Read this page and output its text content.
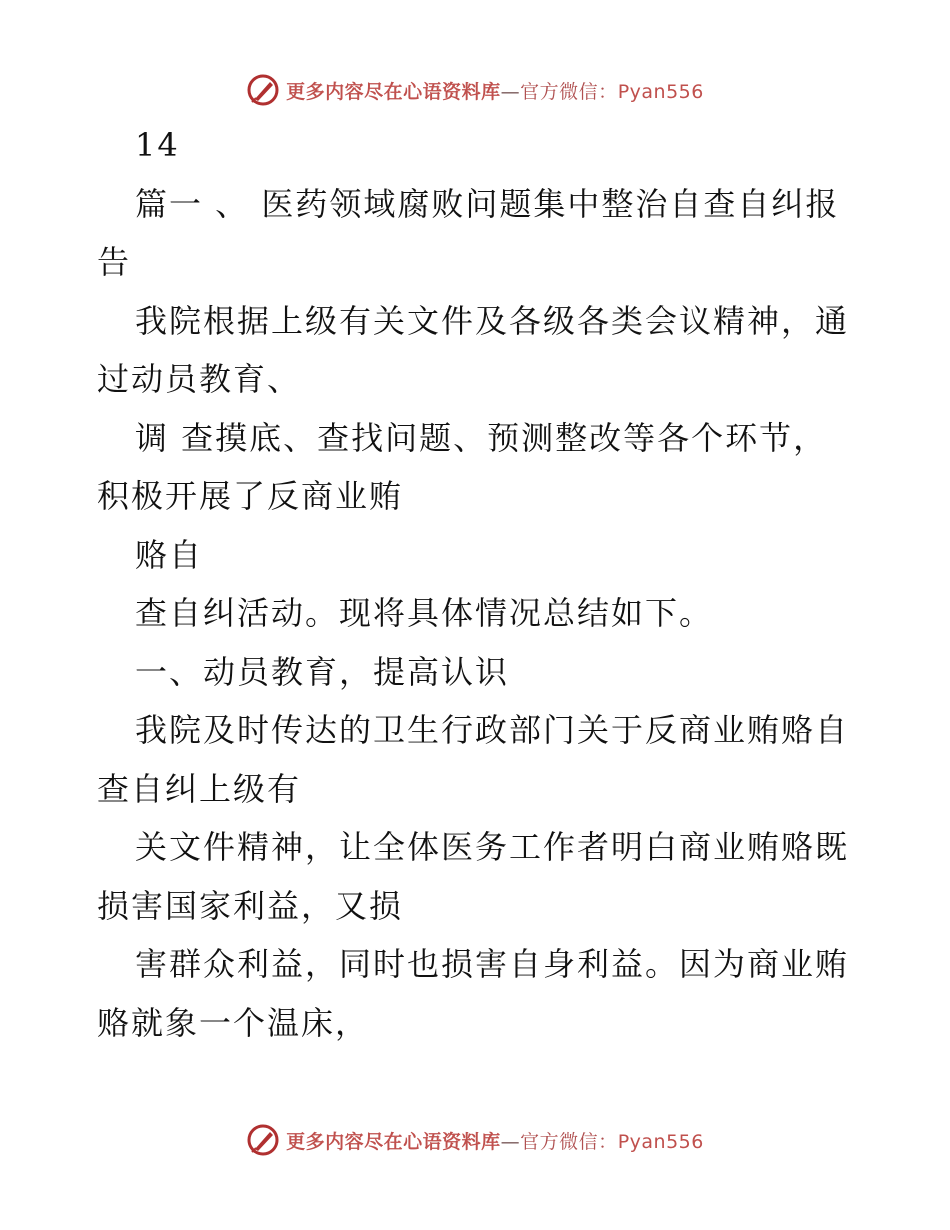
更多内容尽在心语资料库—官方微信：Pyan556
14
篇一 、 医药领域腐败问题集中整治自查自纠报
告
我院根据上级有关文件及各级各类会议精神，通
过动员教育、
调 查摸底、查找问题、预测整改等各个环节，
积极开展了反商业贿
赂自
查自纠活动。现将具体情况总结如下。
一、动员教育，提高认识
我院及时传达的卫生行政部门关于反商业贿赂自
查自纠上级有
关文件精神，让全体医务工作者明白商业贿赂既
损害国家利益，又损
害群众利益，同时也损害自身利益。因为商业贿
赂就象一个温床，
更多内容尽在心语资料库—官方微信：Pyan556
